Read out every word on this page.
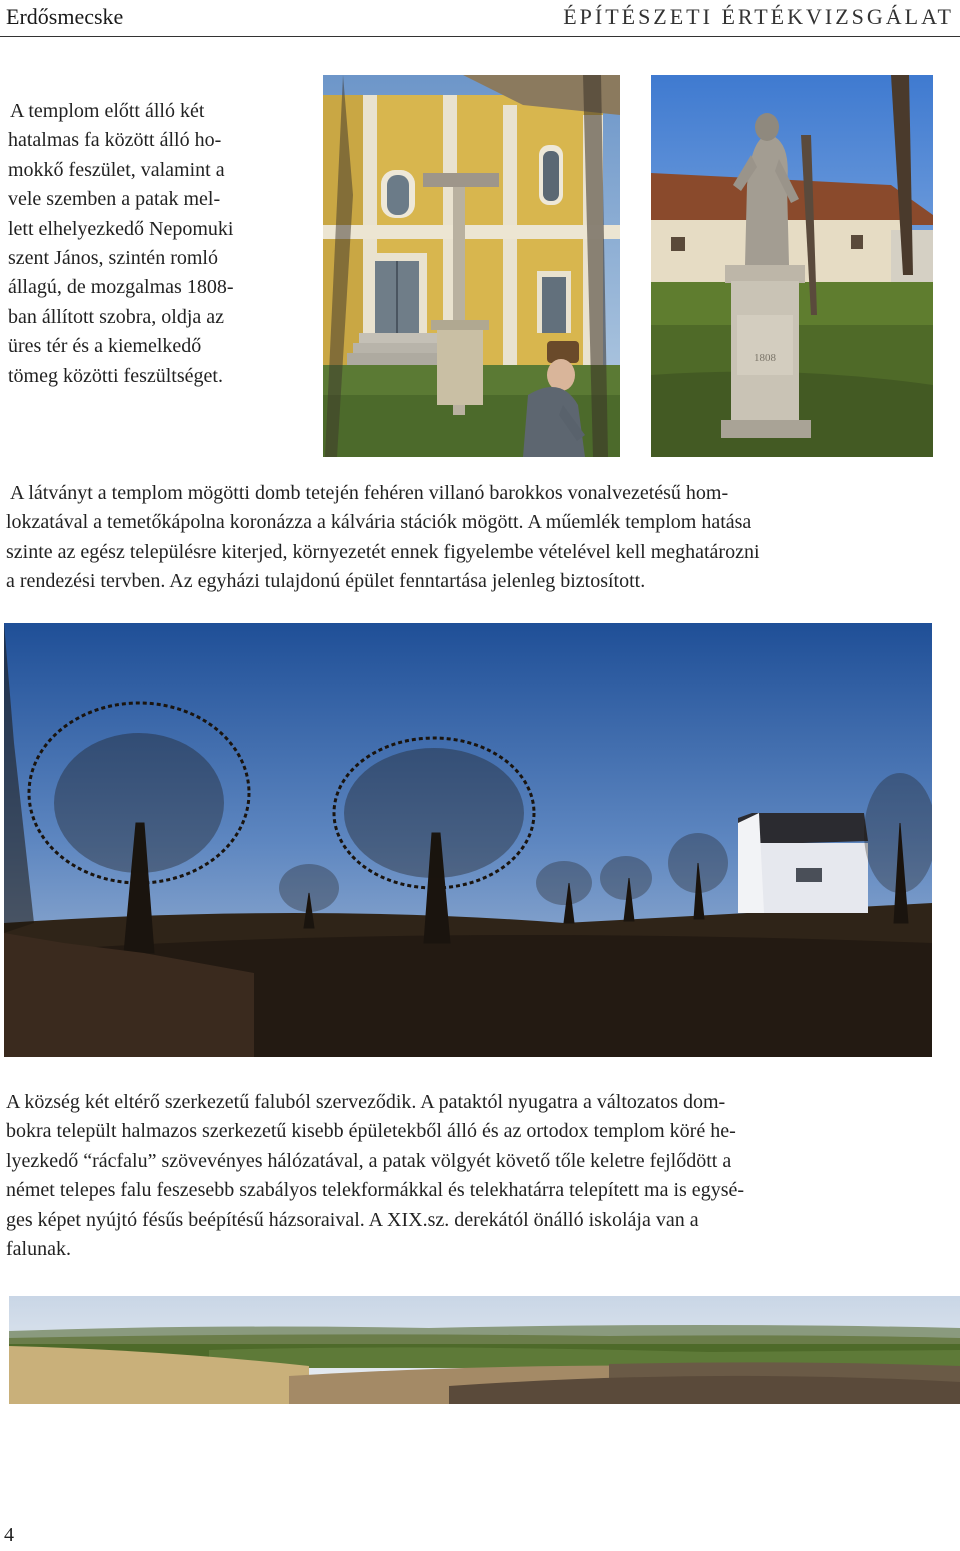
Erdősmecske	ÉPÍTÉSZETI ÉRTÉKVIZSGÁLAT
A templom előtt álló két
hatalmas fa között álló ho-
mokkő feszület, valamint a
vele szemben a patak mel-
lett elhelyezkedő Nepomuki
szent János, szintén romló
állagú, de mozgalmas 1808-
ban állított szobra, oldja az
üres tér és a kiemelkedő
tömeg közötti feszültséget.
1808
A látványt a templom mögötti domb tetején fehéren villanó barokkos vonalvezetésű hom-
lokzatával a temetőkápolna koronázza a kálvária stációk mögött. A műemlék templom hatása
szinte az egész településre kiterjed, környezetét ennek figyelembe vételével kell meghatározni
a rendezési tervben. Az egyházi tulajdonú épület fenntartása jelenleg biztosított.
A község két eltérő szerkezetű faluból szerveződik. A pataktól nyugatra a változatos dom-
bokra települt halmazos szerkezetű kisebb épületekből álló és az ortodox templom köré he-
lyezkedő “rácfalu” szövevényes hálózatával, a patak völgyét követő tőle keletre fejlődött a
német telepes falu feszesebb szabályos telekformákkal és telekhatárra telepített ma is egysé-
ges képet nyújtó fésűs beépítésű házsoraival. A XIX.sz. derekától önálló iskolája van a
falunak.
4
